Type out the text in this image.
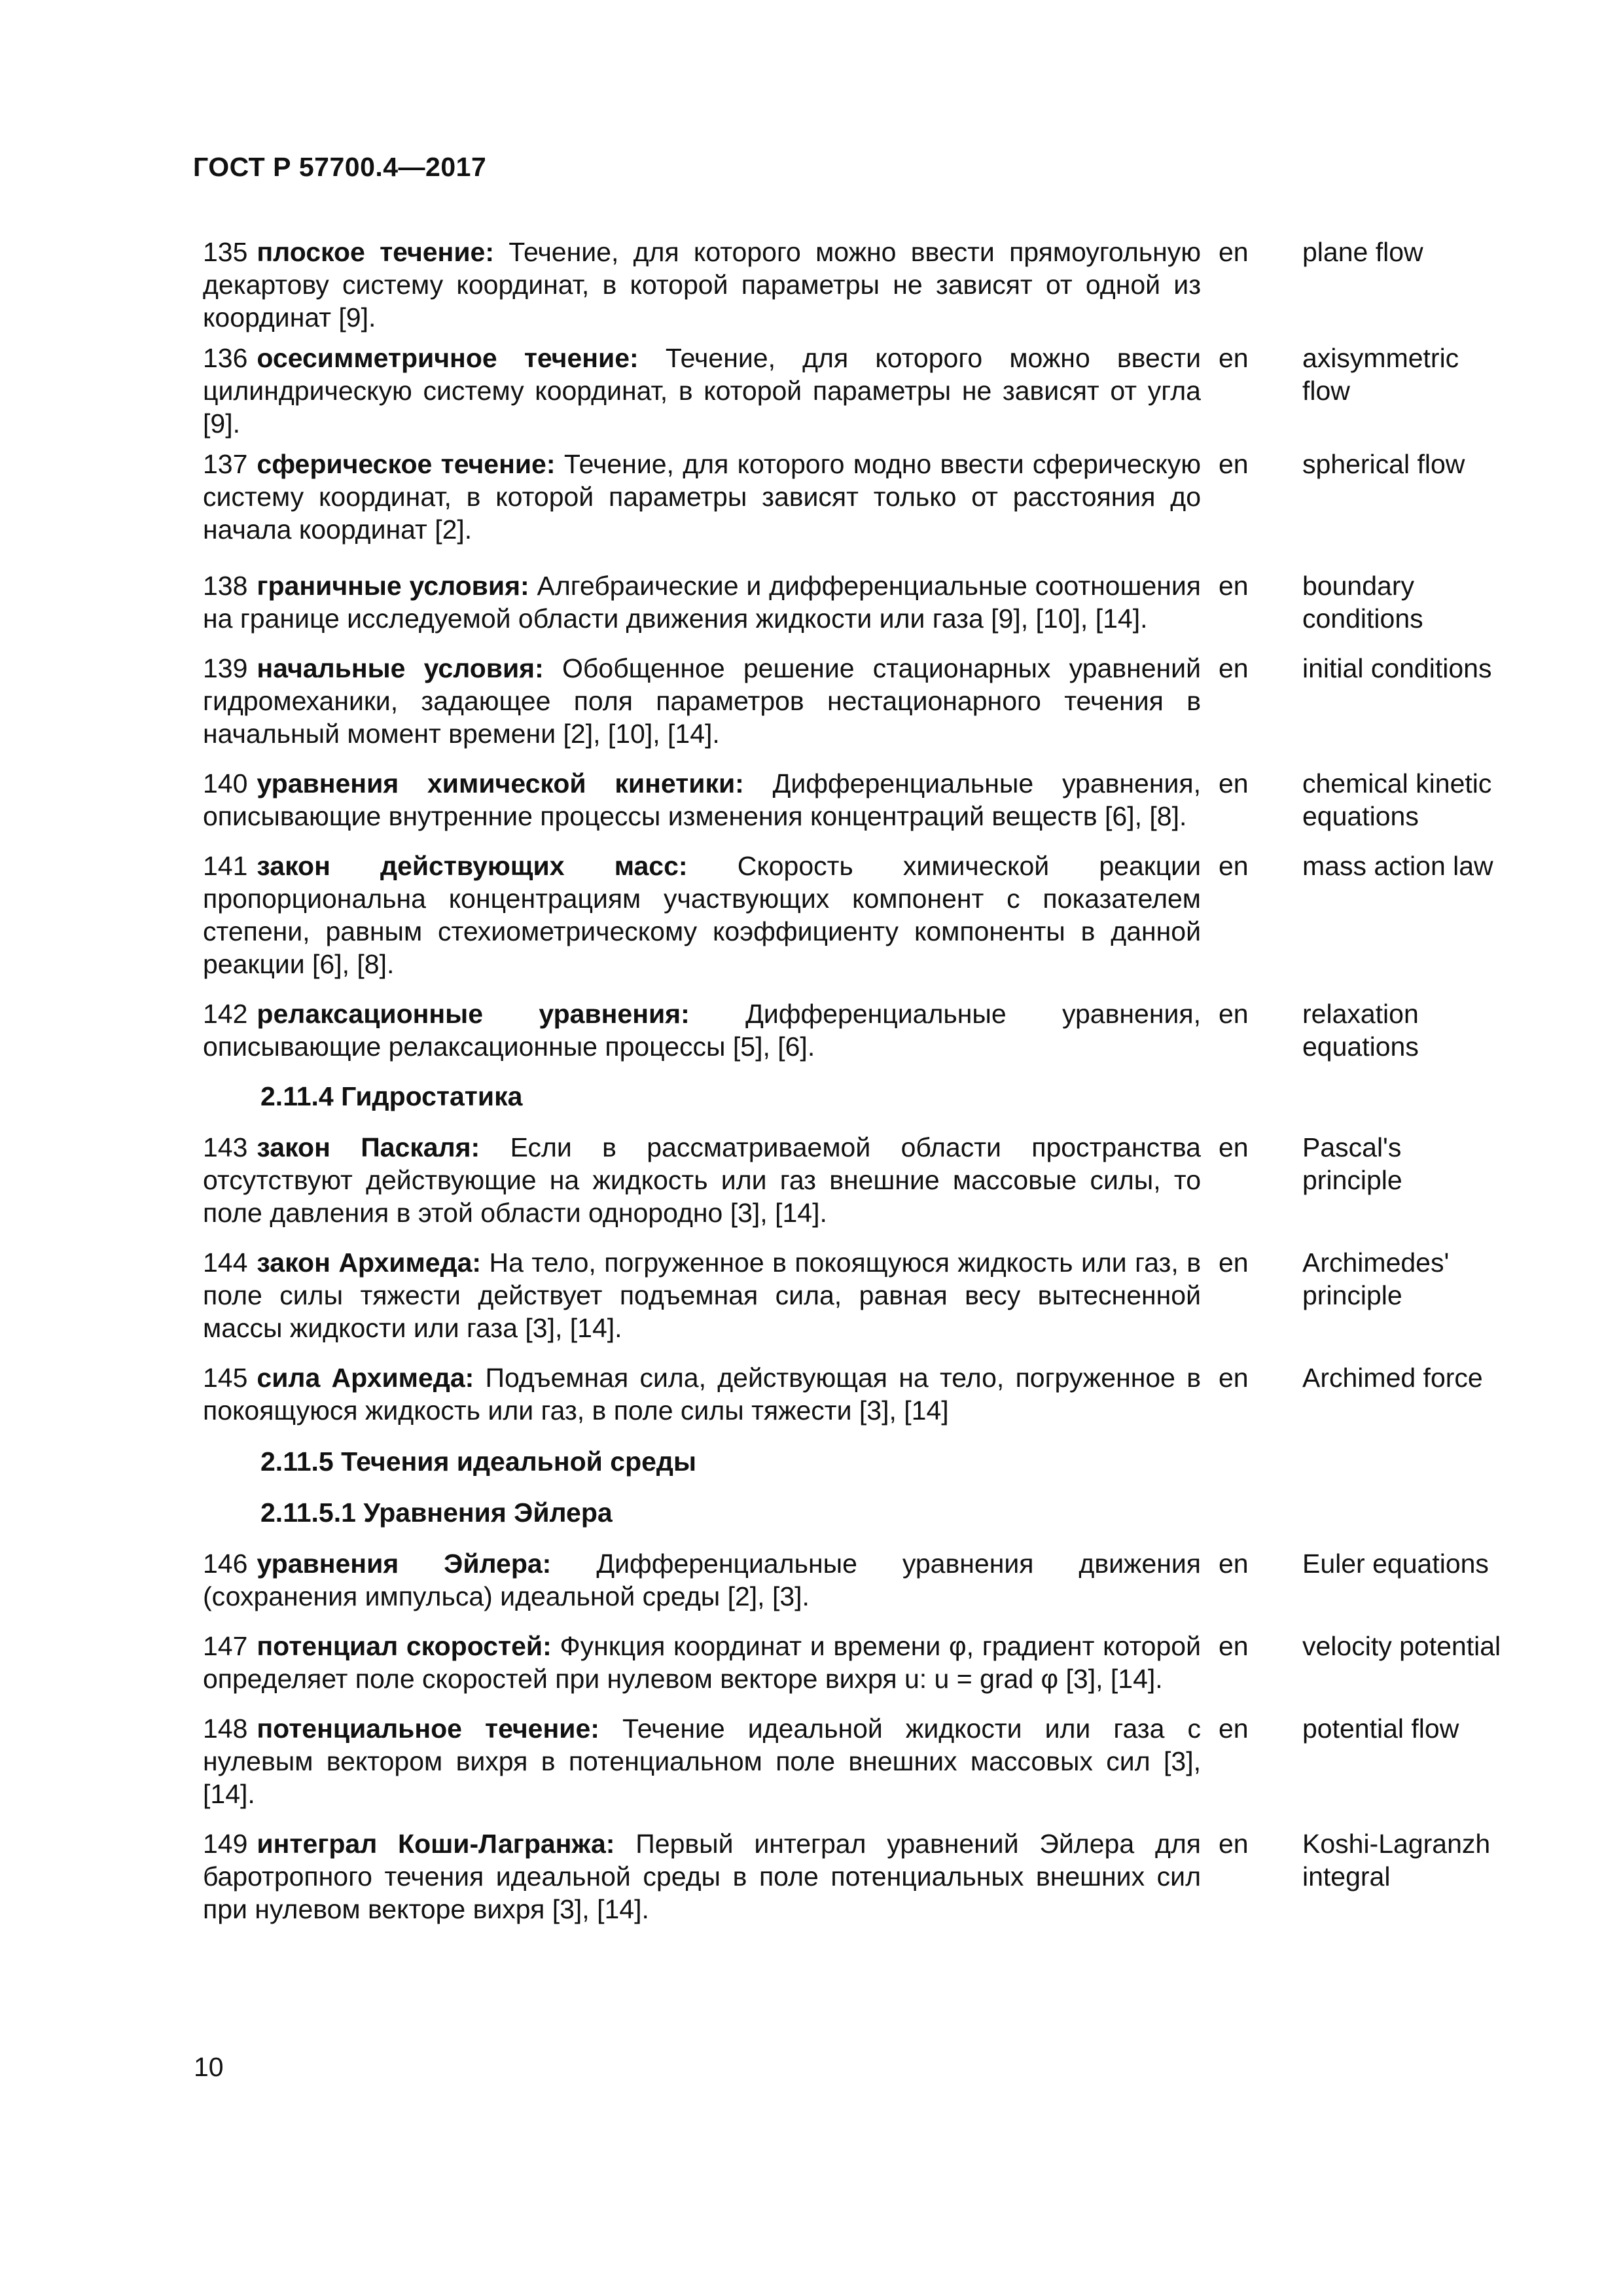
ГОСТ Р 57700.4—2017
135 плоское течение: Течение, для которого можно ввести прямоугольную декартову систему координат, в которой параметры не зависят от одной из координат [9].
en	plane flow
136 осесимметричное течение: Течение, для которого можно ввести цилиндрическую систему координат, в которой параметры не зависят от угла [9].
en	axisymmetric flow
137 сферическое течение: Течение, для которого модно ввести сферическую систему координат, в которой параметры зависят только от расстояния до начала координат [2].
en	spherical flow
138 граничные условия: Алгебраические и дифференциальные соотношения на границе исследуемой области движения жидкости или газа [9], [10], [14].
en	boundary conditions
139 начальные условия: Обобщенное решение стационарных уравнений гидромеханики, задающее поля параметров нестационарного течения в начальный момент времени [2], [10], [14].
en	initial conditions
140 уравнения химической кинетики: Дифференциальные уравнения, описывающие внутренние процессы изменения концентраций веществ [6], [8].
en	chemical kinetic equations
141 закон действующих масс: Скорость химической реакции пропорциональна концентрациям участвующих компонент с показателем степени, равным стехиометрическому коэффициенту компоненты в данной реакции [6], [8].
en	mass action law
142 релаксационные уравнения: Дифференциальные уравнения, описывающие релаксационные процессы [5], [6].
en	relaxation equations
2.11.4 Гидростатика
143 закон Паскаля: Если в рассматриваемой области пространства отсутствуют действующие на жидкость или газ внешние массовые силы, то поле давления в этой области однородно [3], [14].
en	Pascal's principle
144 закон Архимеда: На тело, погруженное в покоящуюся жидкость или газ, в поле силы тяжести действует подъемная сила, равная весу вытесненной массы жидкости или газа [3], [14].
en	Archimedes' principle
145 сила Архимеда: Подъемная сила, действующая на тело, погруженное в покоящуюся жидкость или газ, в поле силы тяжести [3], [14]
en	Archimed force
2.11.5 Течения идеальной среды
2.11.5.1 Уравнения Эйлера
146 уравнения Эйлера: Дифференциальные уравнения движения (сохранения импульса) идеальной среды [2], [3].
en	Euler equations
147 потенциал скоростей: Функция координат и времени φ, градиент которой определяет поле скоростей при нулевом векторе вихря u: u = grad φ [3], [14].
en	velocity potential
148 потенциальное течение: Течение идеальной жидкости или газа с нулевым вектором вихря в потенциальном поле внешних массовых сил [3], [14].
en	potential flow
149 интеграл Коши-Лагранжа: Первый интеграл уравнений Эйлера для баротропного течения идеальной среды в поле потенциальных внешних сил при нулевом векторе вихря [3], [14].
en	Koshi-Lagranzh integral
10
